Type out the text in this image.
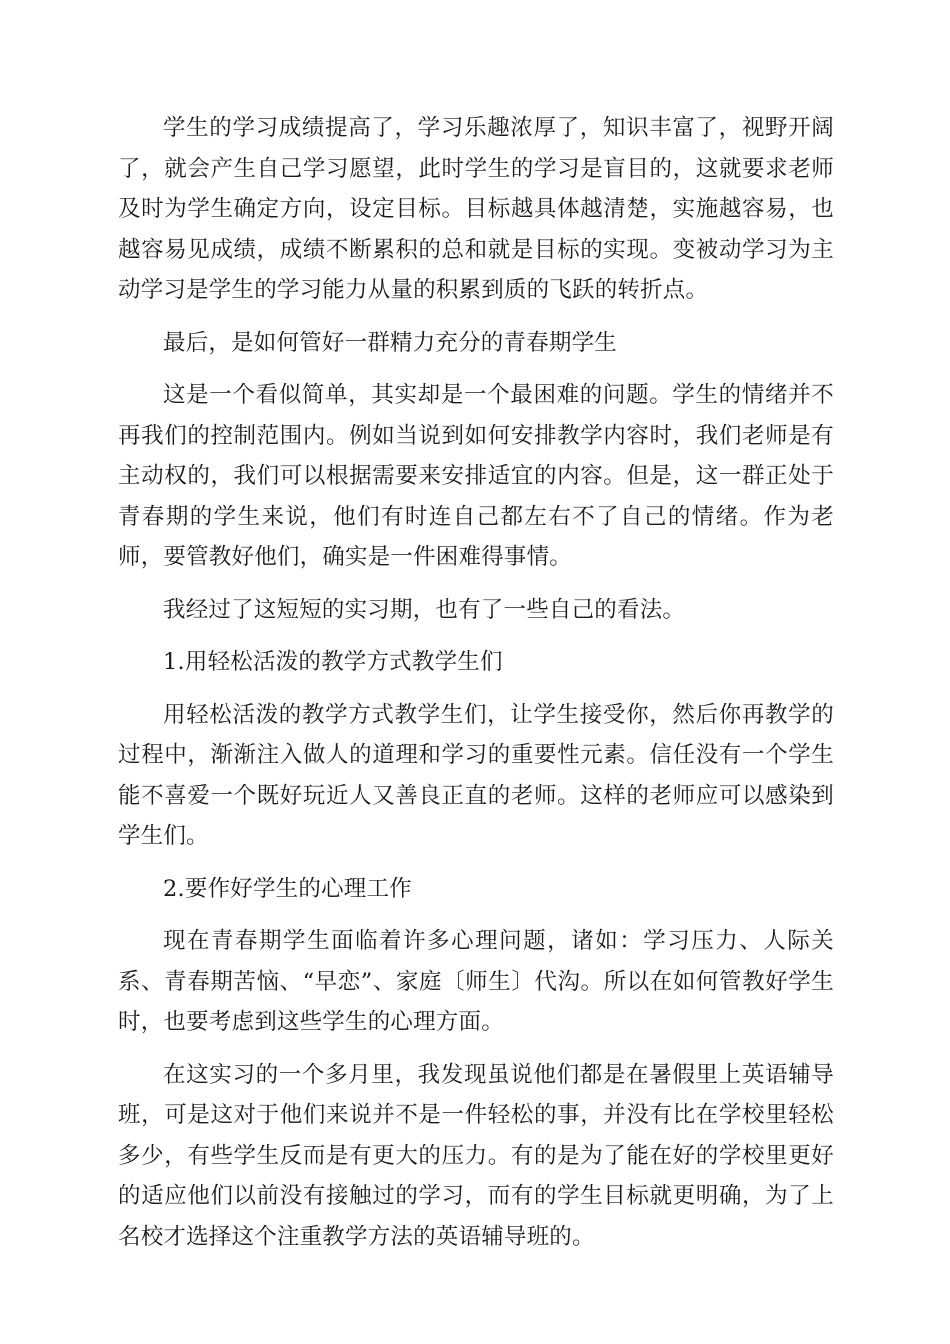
学生的学习成绩提高了，学习乐趣浓厚了，知识丰富了，视野开阔了，就会产生自己学习愿望，此时学生的学习是盲目的，这就要求老师及时为学生确定方向，设定目标。目标越具体越清楚，实施越容易，也越容易见成绩，成绩不断累积的总和就是目标的实现。变被动学习为主动学习是学生的学习能力从量的积累到质的飞跃的转折点。

最后，是如何管好一群精力充分的青春期学生

这是一个看似简单，其实却是一个最困难的问题。学生的情绪并不再我们的控制范围内。例如当说到如何安排教学内容时，我们老师是有主动权的，我们可以根据需要来安排适宜的内容。但是，这一群正处于青春期的学生来说，他们有时连自己都左右不了自己的情绪。作为老师，要管教好他们，确实是一件困难得事情。

我经过了这短短的实习期，也有了一些自己的看法。

1.用轻松活泼的教学方式教学生们

用轻松活泼的教学方式教学生们，让学生接受你，然后你再教学的过程中，渐渐注入做人的道理和学习的重要性元素。信任没有一个学生能不喜爱一个既好玩近人又善良正直的老师。这样的老师应可以感染到学生们。

2.要作好学生的心理工作

现在青春期学生面临着许多心理问题，诸如：学习压力、人际关系、青春期苦恼、“早恋”、家庭〔师生〕代沟。所以在如何管教好学生时，也要考虑到这些学生的心理方面。

在这实习的一个多月里，我发现虽说他们都是在暑假里上英语辅导班，可是这对于他们来说并不是一件轻松的事，并没有比在学校里轻松多少，有些学生反而是有更大的压力。有的是为了能在好的学校里更好的适应他们以前没有接触过的学习，而有的学生目标就更明确，为了上名校才选择这个注重教学方法的英语辅导班的。
